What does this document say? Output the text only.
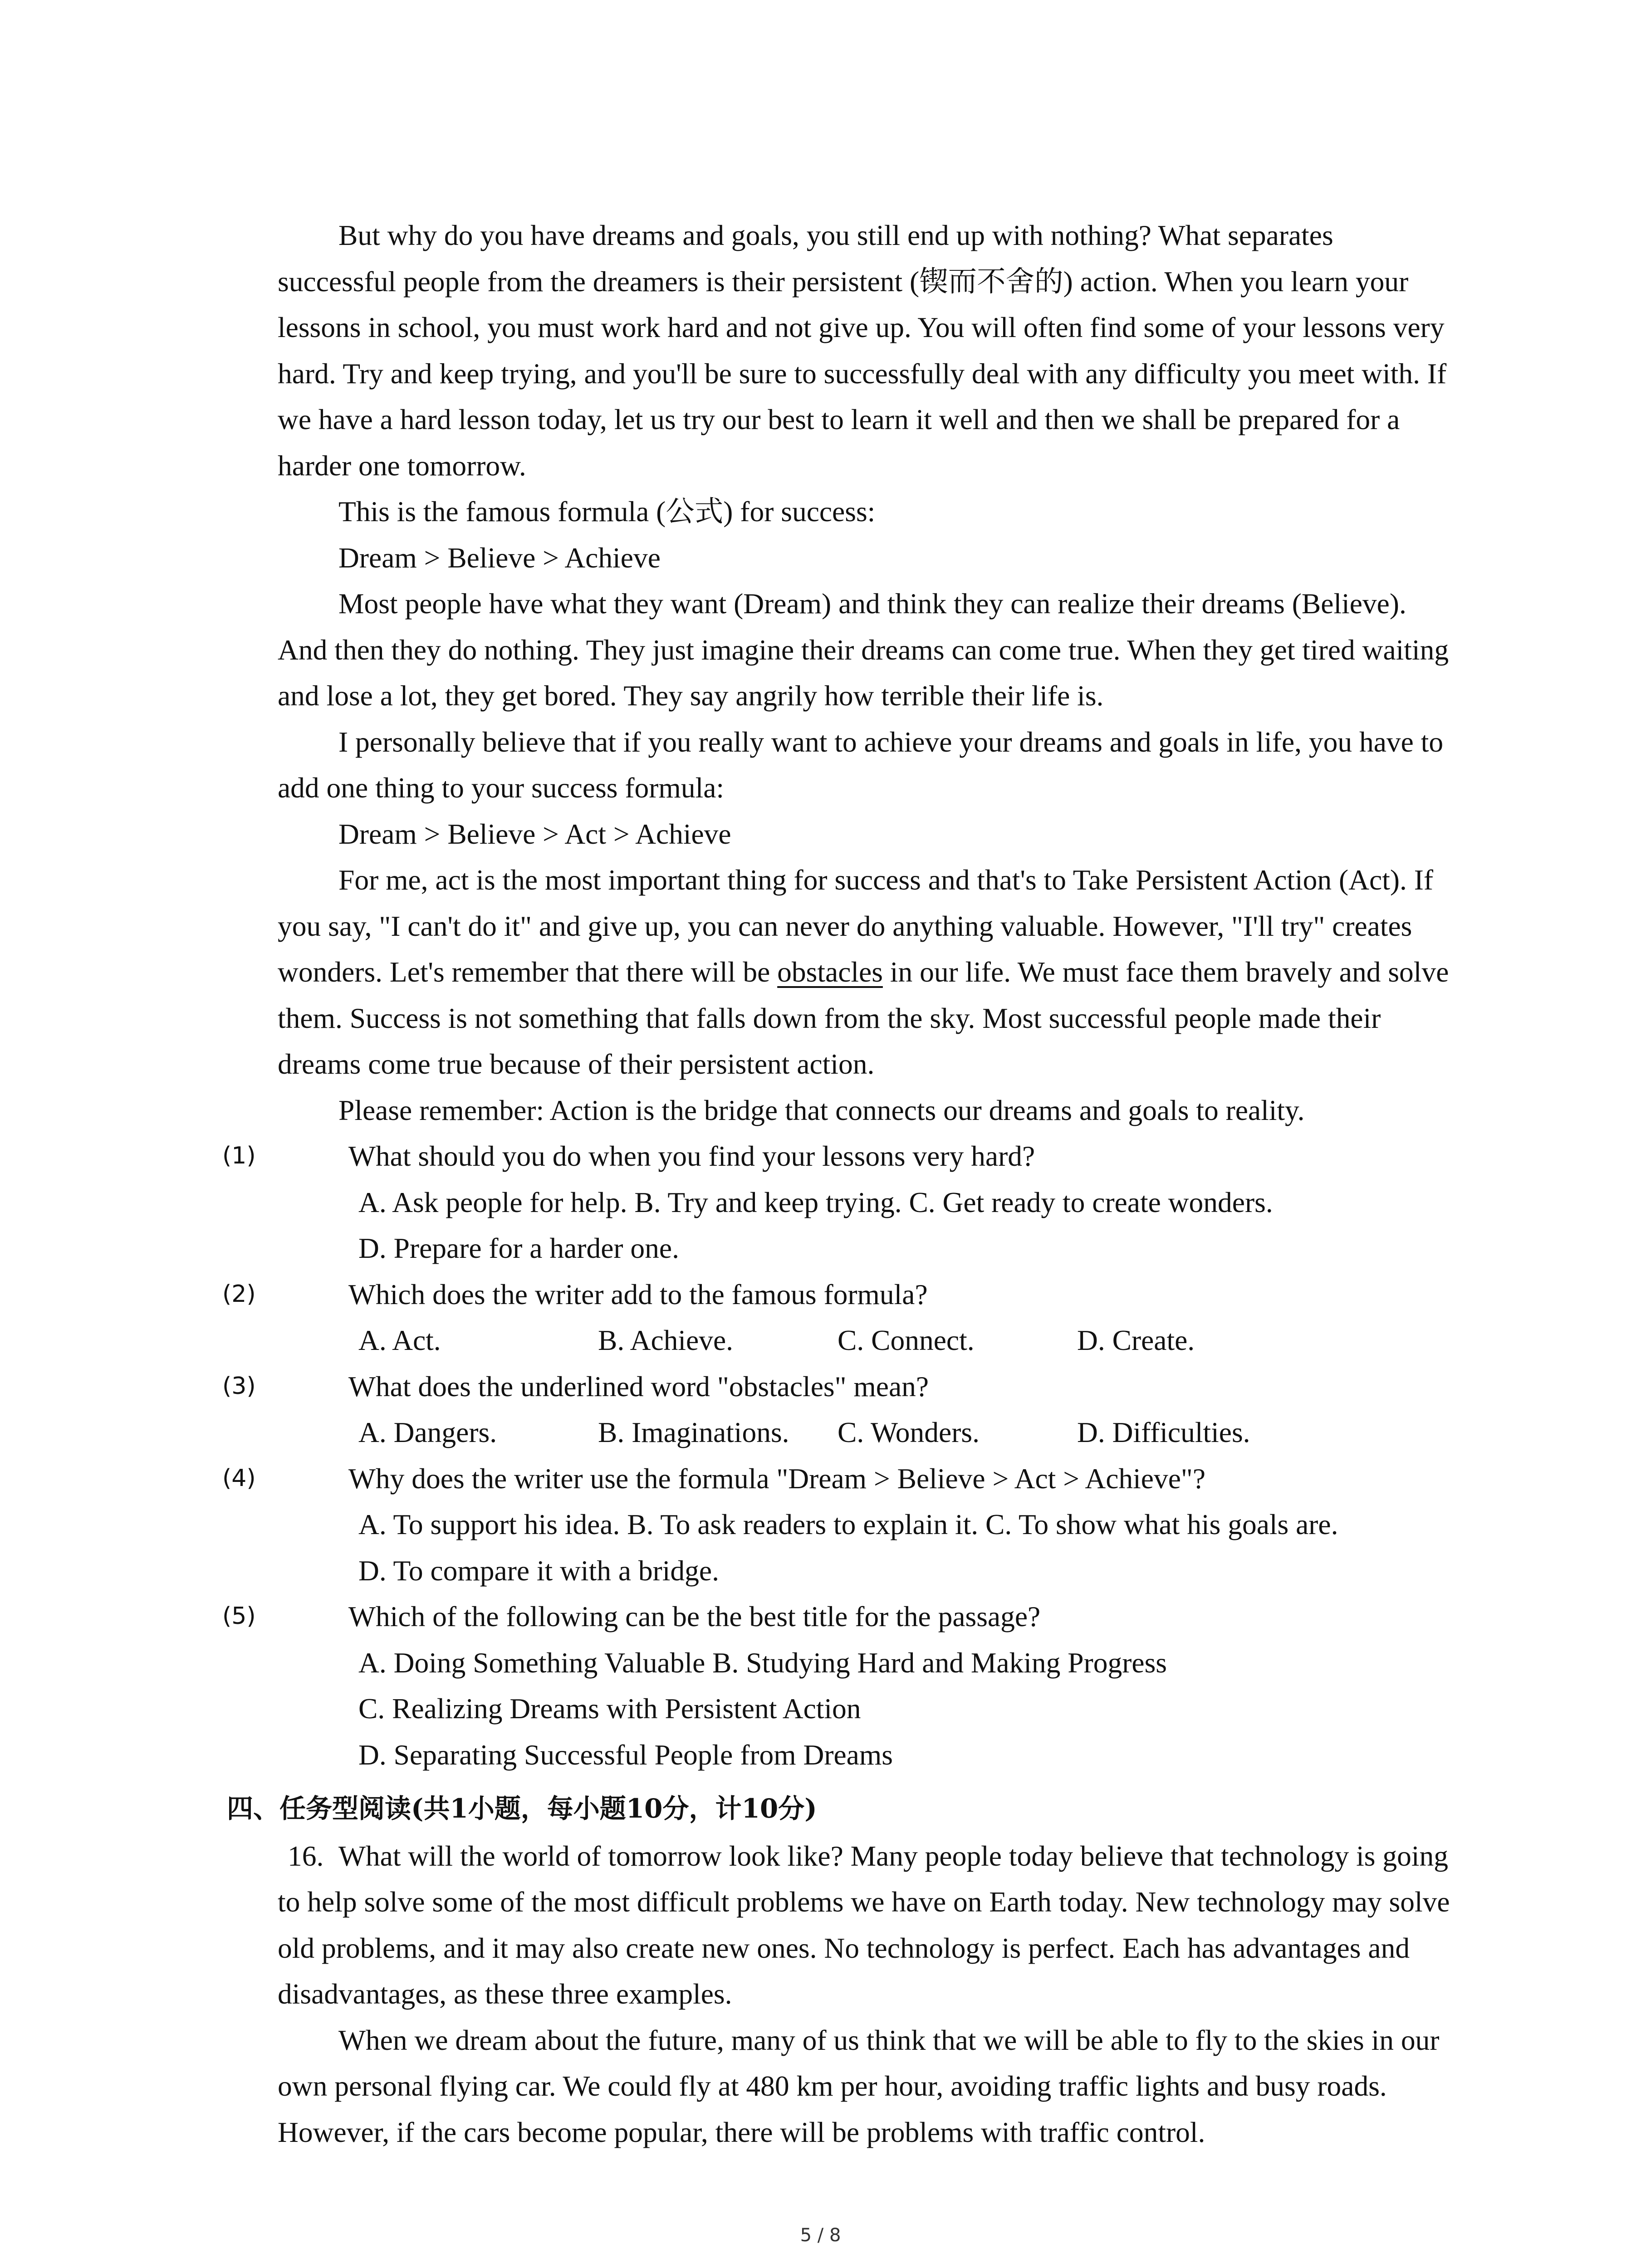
But why do you have dreams and goals, you still end up with nothing? What separates successful people from the dreamers is their persistent (锲而不舍的) action. When you learn your lessons in school, you must work hard and not give up. You will often find some of your lessons very hard. Try and keep trying, and you'll be sure to successfully deal with any difficulty you meet with. If we have a hard lesson today, let us try our best to learn it well and then we shall be prepared for a harder one tomorrow.

This is the famous formula (公式) for success:

Dream > Believe > Achieve

Most people have what they want (Dream) and think they can realize their dreams (Believe). And then they do nothing. They just imagine their dreams can come true. When they get tired waiting and lose a lot, they get bored. They say angrily how terrible their life is.

I personally believe that if you really want to achieve your dreams and goals in life, you have to add one thing to your success formula:

Dream > Believe > Act > Achieve

For me, act is the most important thing for success and that's to Take Persistent Action (Act). If you say, "I can't do it" and give up, you can never do anything valuable. However, "I'll try" creates wonders. Let's remember that there will be obstacles in our life. We must face them bravely and solve them. Success is not something that falls down from the sky. Most successful people made their dreams come true because of their persistent action.

Please remember: Action is the bridge that connects our dreams and goals to reality.

(1)	What should you do when you find your lessons very hard?

A. Ask people for help. B. Try and keep trying. C. Get ready to create wonders.

D. Prepare for a harder one.

(2)	Which does the writer add to the famous formula?

A. Act.	B. Achieve.	C. Connect.	D. Create.

(3)	What does the underlined word "obstacles" mean?

A. Dangers.	B. Imaginations.	C. Wonders.	D. Difficulties.

(4)	Why does the writer use the formula "Dream > Believe > Act > Achieve"?

A. To support his idea. B. To ask readers to explain it. C. To show what his goals are.

D. To compare it with a bridge.

(5)	Which of the following can be the best title for the passage?

A. Doing Something Valuable B. Studying Hard and Making Progress

C. Realizing Dreams with Persistent Action

D. Separating Successful People from Dreams

四、任务型阅读(共1小题，每小题10分，计10分)

16. What will the world of tomorrow look like? Many people today believe that technology is going to help solve some of the most difficult problems we have on Earth today. New technology may solve old problems, and it may also create new ones. No technology is perfect. Each has advantages and disadvantages, as these three examples.

When we dream about the future, many of us think that we will be able to fly to the skies in our own personal flying car. We could fly at 480 km per hour, avoiding traffic lights and busy roads. However, if the cars become popular, there will be problems with traffic control.

5 / 8
